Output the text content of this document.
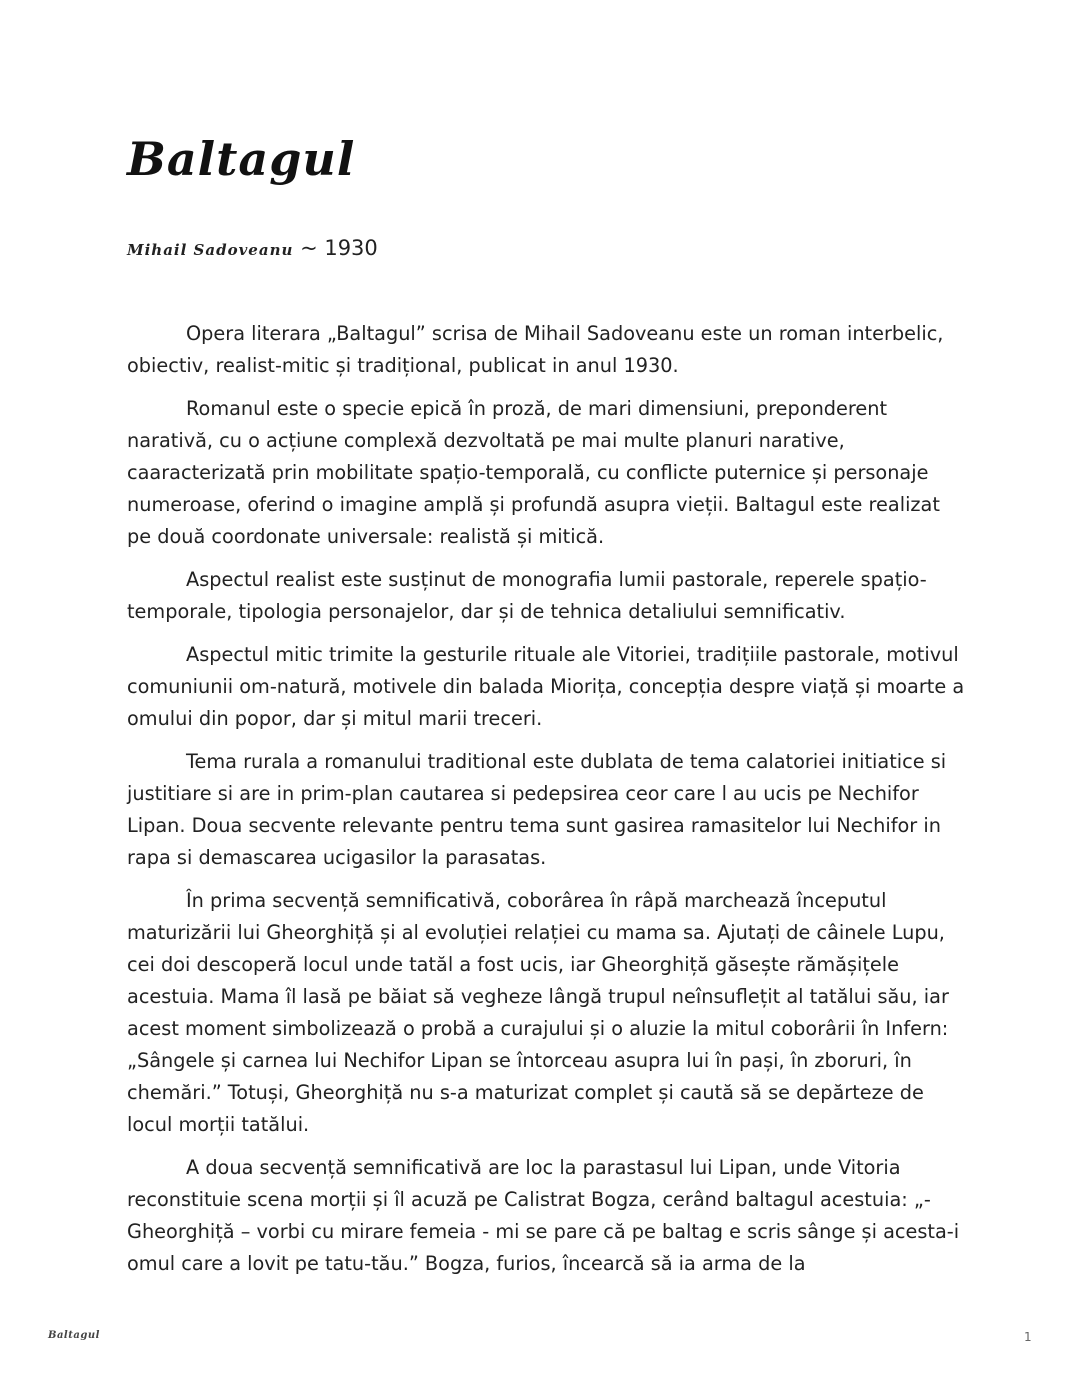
Baltagul
Mihail Sadoveanu ~ 1930

Opera literara „Baltagul” scrisa de Mihail Sadoveanu este un roman interbelic, obiectiv, realist-mitic și tradițional, publicat in anul 1930.

Romanul este o specie epică în proză, de mari dimensiuni, preponderent narativă, cu o acțiune complexă dezvoltată pe mai multe planuri narative, caaracterizată prin mobilitate spațio-temporală, cu conflicte puternice și personaje numeroase, oferind o imagine amplă și profundă asupra vieții. Baltagul este realizat pe două coordonate universale: realistă și mitică.

Aspectul realist este susținut de monografia lumii pastorale, reperele spațio-temporale, tipologia personajelor, dar și de tehnica detaliului semnificativ.

Aspectul mitic trimite la gesturile rituale ale Vitoriei, tradițiile pastorale, motivul comuniunii om-natură, motivele din balada Miorița, concepția despre viață și moarte a omului din popor, dar și mitul marii treceri.

Tema rurala a romanului traditional este dublata de tema calatoriei initiatice si justitiare si are in prim-plan cautarea si pedepsirea ceor care l au ucis pe Nechifor Lipan. Doua secvente relevante pentru tema sunt gasirea ramasitelor lui Nechifor in rapa si demascarea ucigasilor la parasatas.

În prima secvență semnificativă, coborârea în râpă marchează începutul maturizării lui Gheorghiță și al evoluției relației cu mama sa. Ajutați de câinele Lupu, cei doi descoperă locul unde tatăl a fost ucis, iar Gheorghiță găsește rămășițele acestuia. Mama îl lasă pe băiat să vegheze lângă trupul neînsuflețit al tatălui său, iar acest moment simbolizează o probă a curajului și o aluzie la mitul coborârii în Infern: „Sângele și carnea lui Nechifor Lipan se întorceau asupra lui în pași, în zboruri, în chemări.” Totuși, Gheorghiță nu s-a maturizat complet și caută să se depărteze de locul morții tatălui.

A doua secvență semnificativă are loc la parastasul lui Lipan, unde Vitoria reconstituie scena morții și îl acuză pe Calistrat Bogza, cerând baltagul acestuia: „- Gheorghiță – vorbi cu mirare femeia - mi se pare că pe baltag e scris sânge și acesta-i omul care a lovit pe tatu-tău.” Bogza, furios, încearcă să ia arma de la

Baltagul	1
